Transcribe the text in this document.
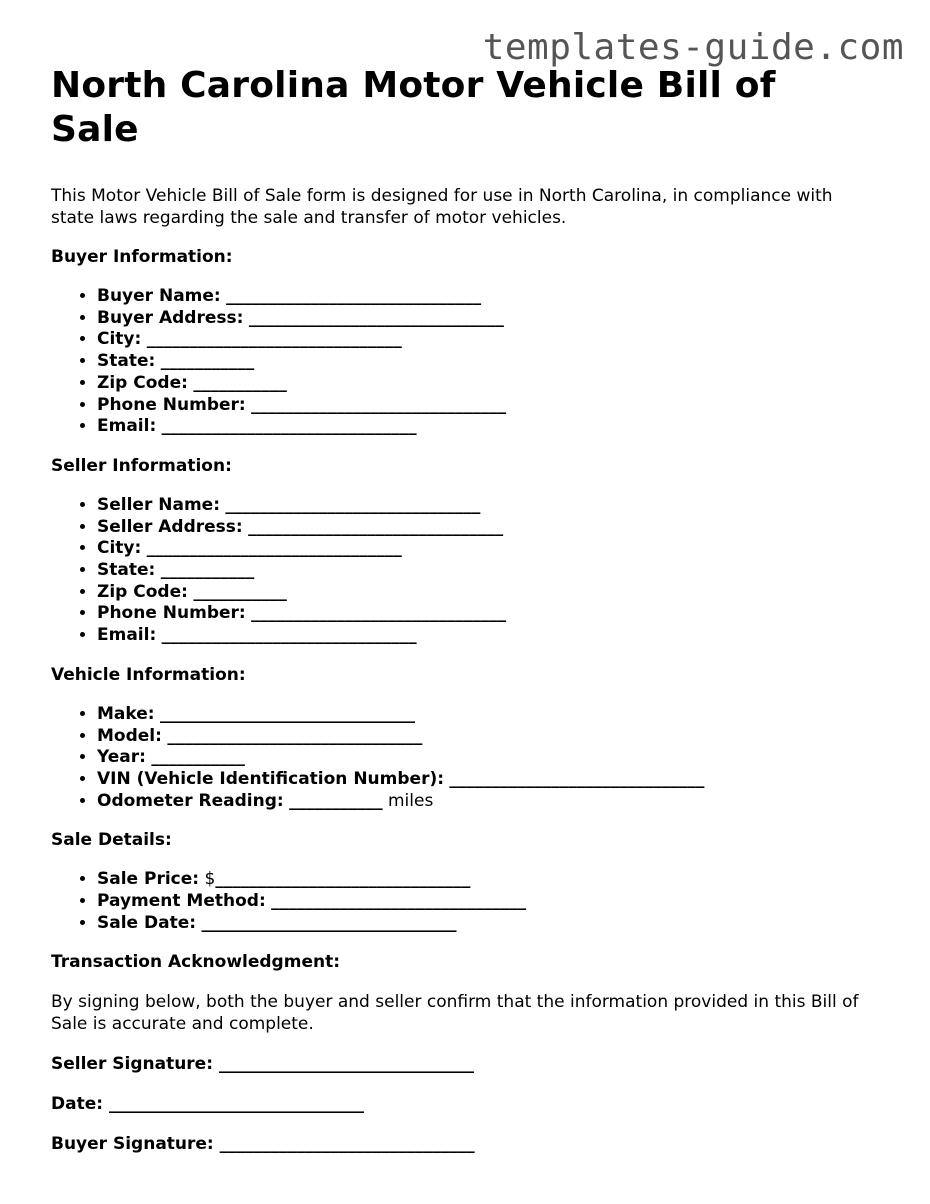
templates-guide.com
North Carolina Motor Vehicle Bill of Sale

This Motor Vehicle Bill of Sale form is designed for use in North Carolina, in compliance with state laws regarding the sale and transfer of motor vehicles.

Buyer Information:
• Buyer Name: ______________________________
• Buyer Address: ______________________________
• City: ______________________________
• State: ___________
• Zip Code: ___________
• Phone Number: ______________________________
• Email: ______________________________
Seller Information:
• Seller Name: ______________________________
• Seller Address: ______________________________
• City: ______________________________
• State: ___________
• Zip Code: ___________
• Phone Number: ______________________________
• Email: ______________________________
Vehicle Information:
• Make: ______________________________
• Model: ______________________________
• Year: ___________
• VIN (Vehicle Identification Number): ______________________________
• Odometer Reading: ___________ miles
Sale Details:
• Sale Price: $______________________________
• Payment Method: ______________________________
• Sale Date: ______________________________
Transaction Acknowledgment:

By signing below, both the buyer and seller confirm that the information provided in this Bill of Sale is accurate and complete.

Seller Signature: ______________________________
Date: ______________________________
Buyer Signature: ______________________________
